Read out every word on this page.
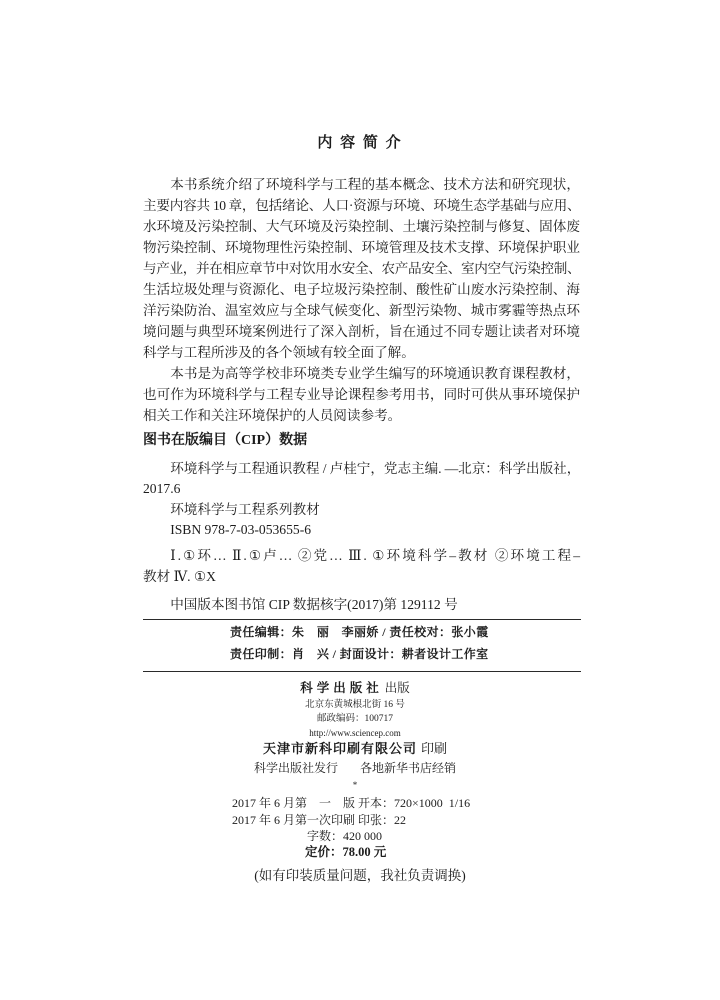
内 容 简 介
本书系统介绍了环境科学与工程的基本概念、技术方法和研究现状，
主要内容共 10 章，包括绪论、人口·资源与环境、环境生态学基础与应用、
水环境及污染控制、大气环境及污染控制、土壤污染控制与修复、固体废
物污染控制、环境物理性污染控制、环境管理及技术支撑、环境保护职业
与产业，并在相应章节中对饮用水安全、农产品安全、室内空气污染控制、
生活垃圾处理与资源化、电子垃圾污染控制、酸性矿山废水污染控制、海
洋污染防治、温室效应与全球气候变化、新型污染物、城市雾霾等热点环
境问题与典型环境案例进行了深入剖析，旨在通过不同专题让读者对环境
科学与工程所涉及的各个领域有较全面了解。
本书是为高等学校非环境类专业学生编写的环境通识教育课程教材，
也可作为环境科学与工程专业导论课程参考用书，同时可供从事环境保护
相关工作和关注环境保护的人员阅读参考。
图书在版编目（CIP）数据
环境科学与工程通识教程 / 卢桂宁，党志主编. —北京：科学出版社，
2017.6
环境科学与工程系列教材
ISBN 978-7-03-053655-6
Ⅰ.①环… Ⅱ.①卢… ②党… Ⅲ. ①环境科学–教材 ②环境工程–
教材 Ⅳ. ①X
中国版本图书馆 CIP 数据核字(2017)第 129112 号
责任编辑：朱　丽　李丽娇 / 责任校对：张小霞
责任印制：肖　兴 / 封面设计：耕者设计工作室
科学出版社 出版
北京东黄城根北街 16 号
邮政编码：100717
http://www.sciencep.com
天津市新科印刷有限公司 印刷
科学出版社发行 各地新华书店经销
*
2017 年 6 月第　一　版 开本：720×1000  1/16
2017 年 6 月第一次印刷 印张：22
字数：420 000
定价：78.00 元
(如有印装质量问题，我社负责调换)
